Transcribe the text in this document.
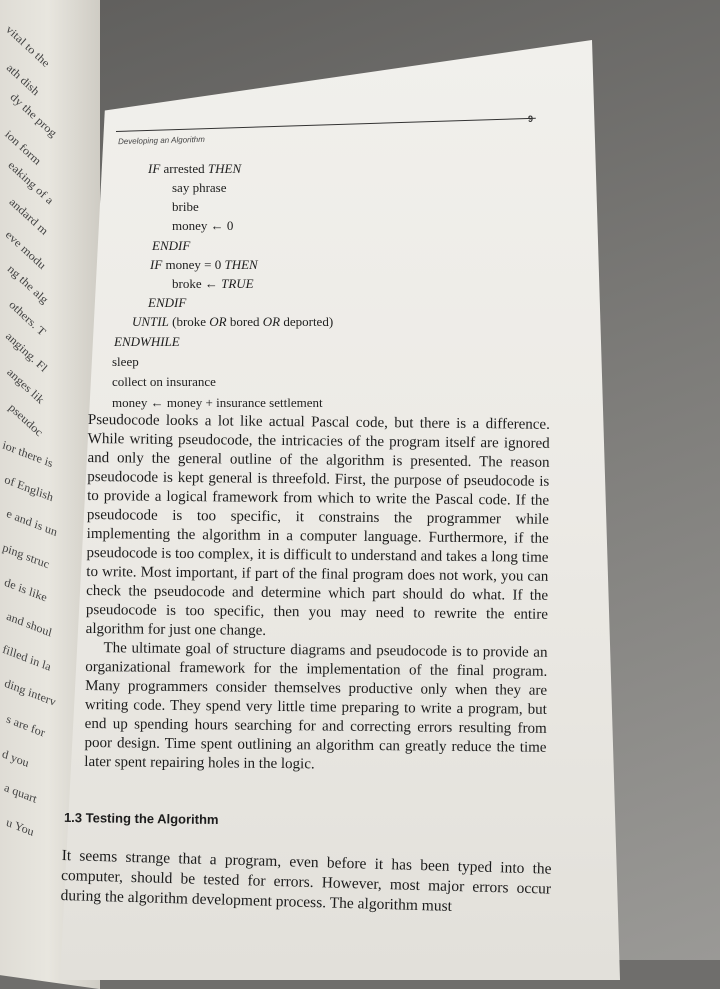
vital to the
ath dish
dy the prog
ion form
eaking of a
andard m
eve modu
ng the alg
others. T
anging. Fl
anges lik
pseudoc
ior there is
of English
e and is un
ping struc
de is like
and shoul
filled in la
ding interv
s are for
d you
a quart
u You
Developing an Algorithm
9
IF arrested THEN
say phrase
bribe
money ← 0
ENDIF
IF money = 0 THEN
broke ← TRUE
ENDIF
UNTIL (broke OR bored OR deported)
ENDWHILE
sleep
collect on insurance
money ← money + insurance settlement

Pseudocode looks a lot like actual Pascal code, but there is a difference. While writing pseudocode, the intricacies of the program itself are ignored and only the general outline of the algorithm is presented. The reason pseudocode is kept general is threefold. First, the purpose of pseudocode is to provide a logical framework from which to write the Pascal code. If the pseudocode is too specific, it constrains the programmer while implementing the algorithm in a computer language. Furthermore, if the pseudocode is too complex, it is difficult to understand and takes a long time to write. Most important, if part of the final program does not work, you can check the pseudocode and determine which part should do what. If the pseudocode is too specific, then you may need to rewrite the entire algorithm for just one change.

The ultimate goal of structure diagrams and pseudocode is to provide an organizational framework for the implementation of the final program. Many programmers consider themselves productive only when they are writing code. They spend very little time preparing to write a program, but end up spending hours searching for and correcting errors resulting from poor design. Time spent outlining an algorithm can greatly reduce the time later spent repairing holes in the logic.

1.3 Testing the Algorithm
It seems strange that a program, even before it has been typed into the computer, should be tested for errors. However, most major errors occur during the algorithm development process. The algorithm must
